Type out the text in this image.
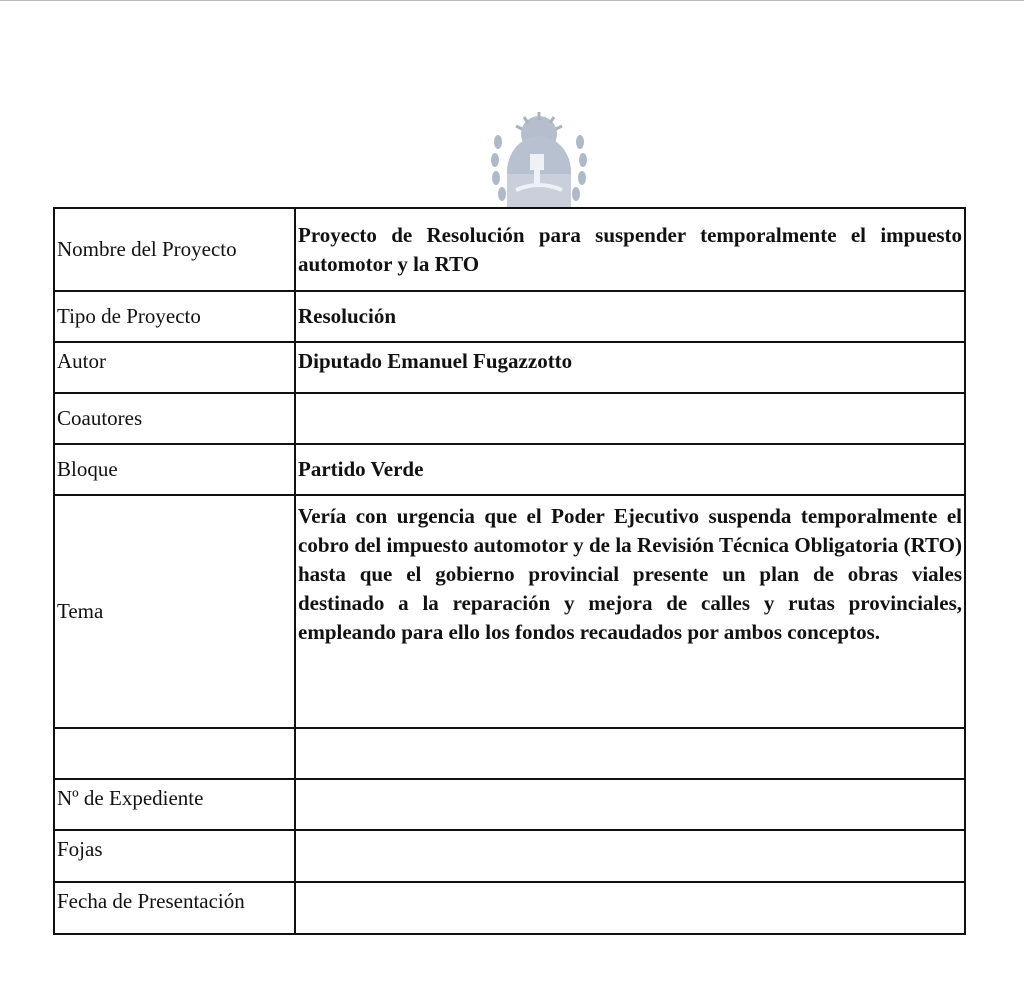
Nombre del Proyecto	Proyecto de Resolución para suspender temporalmente el impuesto automotor y la RTO
Tipo de Proyecto	Resolución
Autor	Diputado Emanuel Fugazzotto
Coautores	
Bloque	Partido Verde
Tema	Vería con urgencia que el Poder Ejecutivo suspenda temporalmente el cobro del impuesto automotor y de la Revisión Técnica Obligatoria (RTO) hasta que el gobierno provincial presente un plan de obras viales destinado a la reparación y mejora de calles y rutas provinciales, empleando para ello los fondos recaudados por ambos conceptos.

Nº de Expediente	
Fojas	
Fecha de Presentación	
